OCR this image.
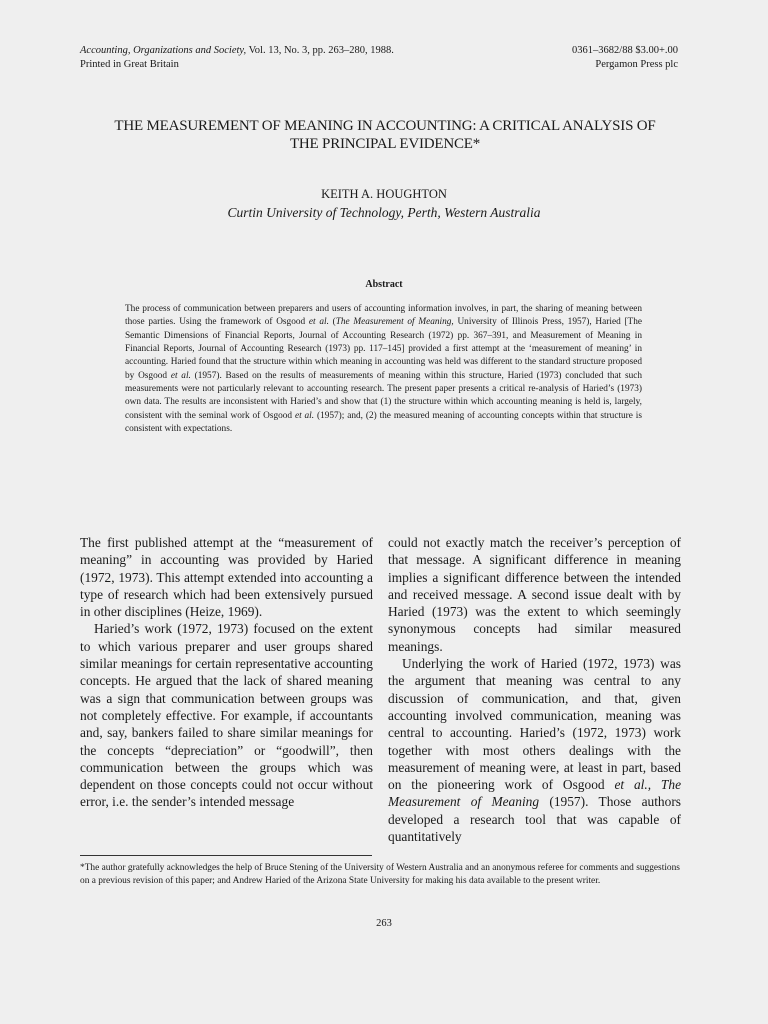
Accounting, Organizations and Society, Vol. 13, No. 3, pp. 263–280, 1988.
Printed in Great Britain
0361–3682/88 $3.00+.00
Pergamon Press plc
THE MEASUREMENT OF MEANING IN ACCOUNTING: A CRITICAL ANALYSIS OF
THE PRINCIPAL EVIDENCE*
KEITH A. HOUGHTON
Curtin University of Technology, Perth, Western Australia
Abstract
The process of communication between preparers and users of accounting information involves, in part, the sharing of meaning between those parties. Using the framework of Osgood et al. (The Measurement of Meaning, University of Illinois Press, 1957), Haried [The Semantic Dimensions of Financial Reports, Journal of Accounting Research (1972) pp. 367–391, and Measurement of Meaning in Financial Reports, Journal of Accounting Research (1973) pp. 117–145] provided a first attempt at the ‘measurement of meaning’ in accounting. Haried found that the structure within which meaning in accounting was held was different to the standard structure proposed by Osgood et al. (1957). Based on the results of measurements of meaning within this structure, Haried (1973) concluded that such measurements were not particularly relevant to accounting research. The present paper presents a critical re-analysis of Haried’s (1973) own data. The results are inconsistent with Haried’s and show that (1) the structure within which accounting meaning is held is, largely, consistent with the seminal work of Osgood et al. (1957); and, (2) the measured meaning of accounting concepts within that structure is consistent with expectations.

The first published attempt at the “measurement of meaning” in accounting was provided by Haried (1972, 1973). This attempt extended into accounting a type of research which had been extensively pursued in other disciplines (Heize, 1969).

Haried’s work (1972, 1973) focused on the extent to which various preparer and user groups shared similar meanings for certain representative accounting concepts. He argued that the lack of shared meaning was a sign that communication between groups was not completely effective. For example, if accountants and, say, bankers failed to share similar meanings for the concepts “depreciation” or “goodwill”, then communication between the groups which was dependent on those concepts could not occur without error, i.e. the sender’s intended message

could not exactly match the receiver’s perception of that message. A significant difference in meaning implies a significant difference between the intended and received message. A second issue dealt with by Haried (1973) was the extent to which seemingly synonymous concepts had similar measured meanings.

Underlying the work of Haried (1972, 1973) was the argument that meaning was central to any discussion of communication, and that, given accounting involved communication, meaning was central to accounting. Haried’s (1972, 1973) work together with most others dealings with the measurement of meaning were, at least in part, based on the pioneering work of Osgood et al., The Measurement of Meaning (1957). Those authors developed a research tool that was capable of quantitatively

*The author gratefully acknowledges the help of Bruce Stening of the University of Western Australia and an anonymous referee for comments and suggestions on a previous revision of this paper; and Andrew Haried of the Arizona State University for making his data available to the present writer.
263
